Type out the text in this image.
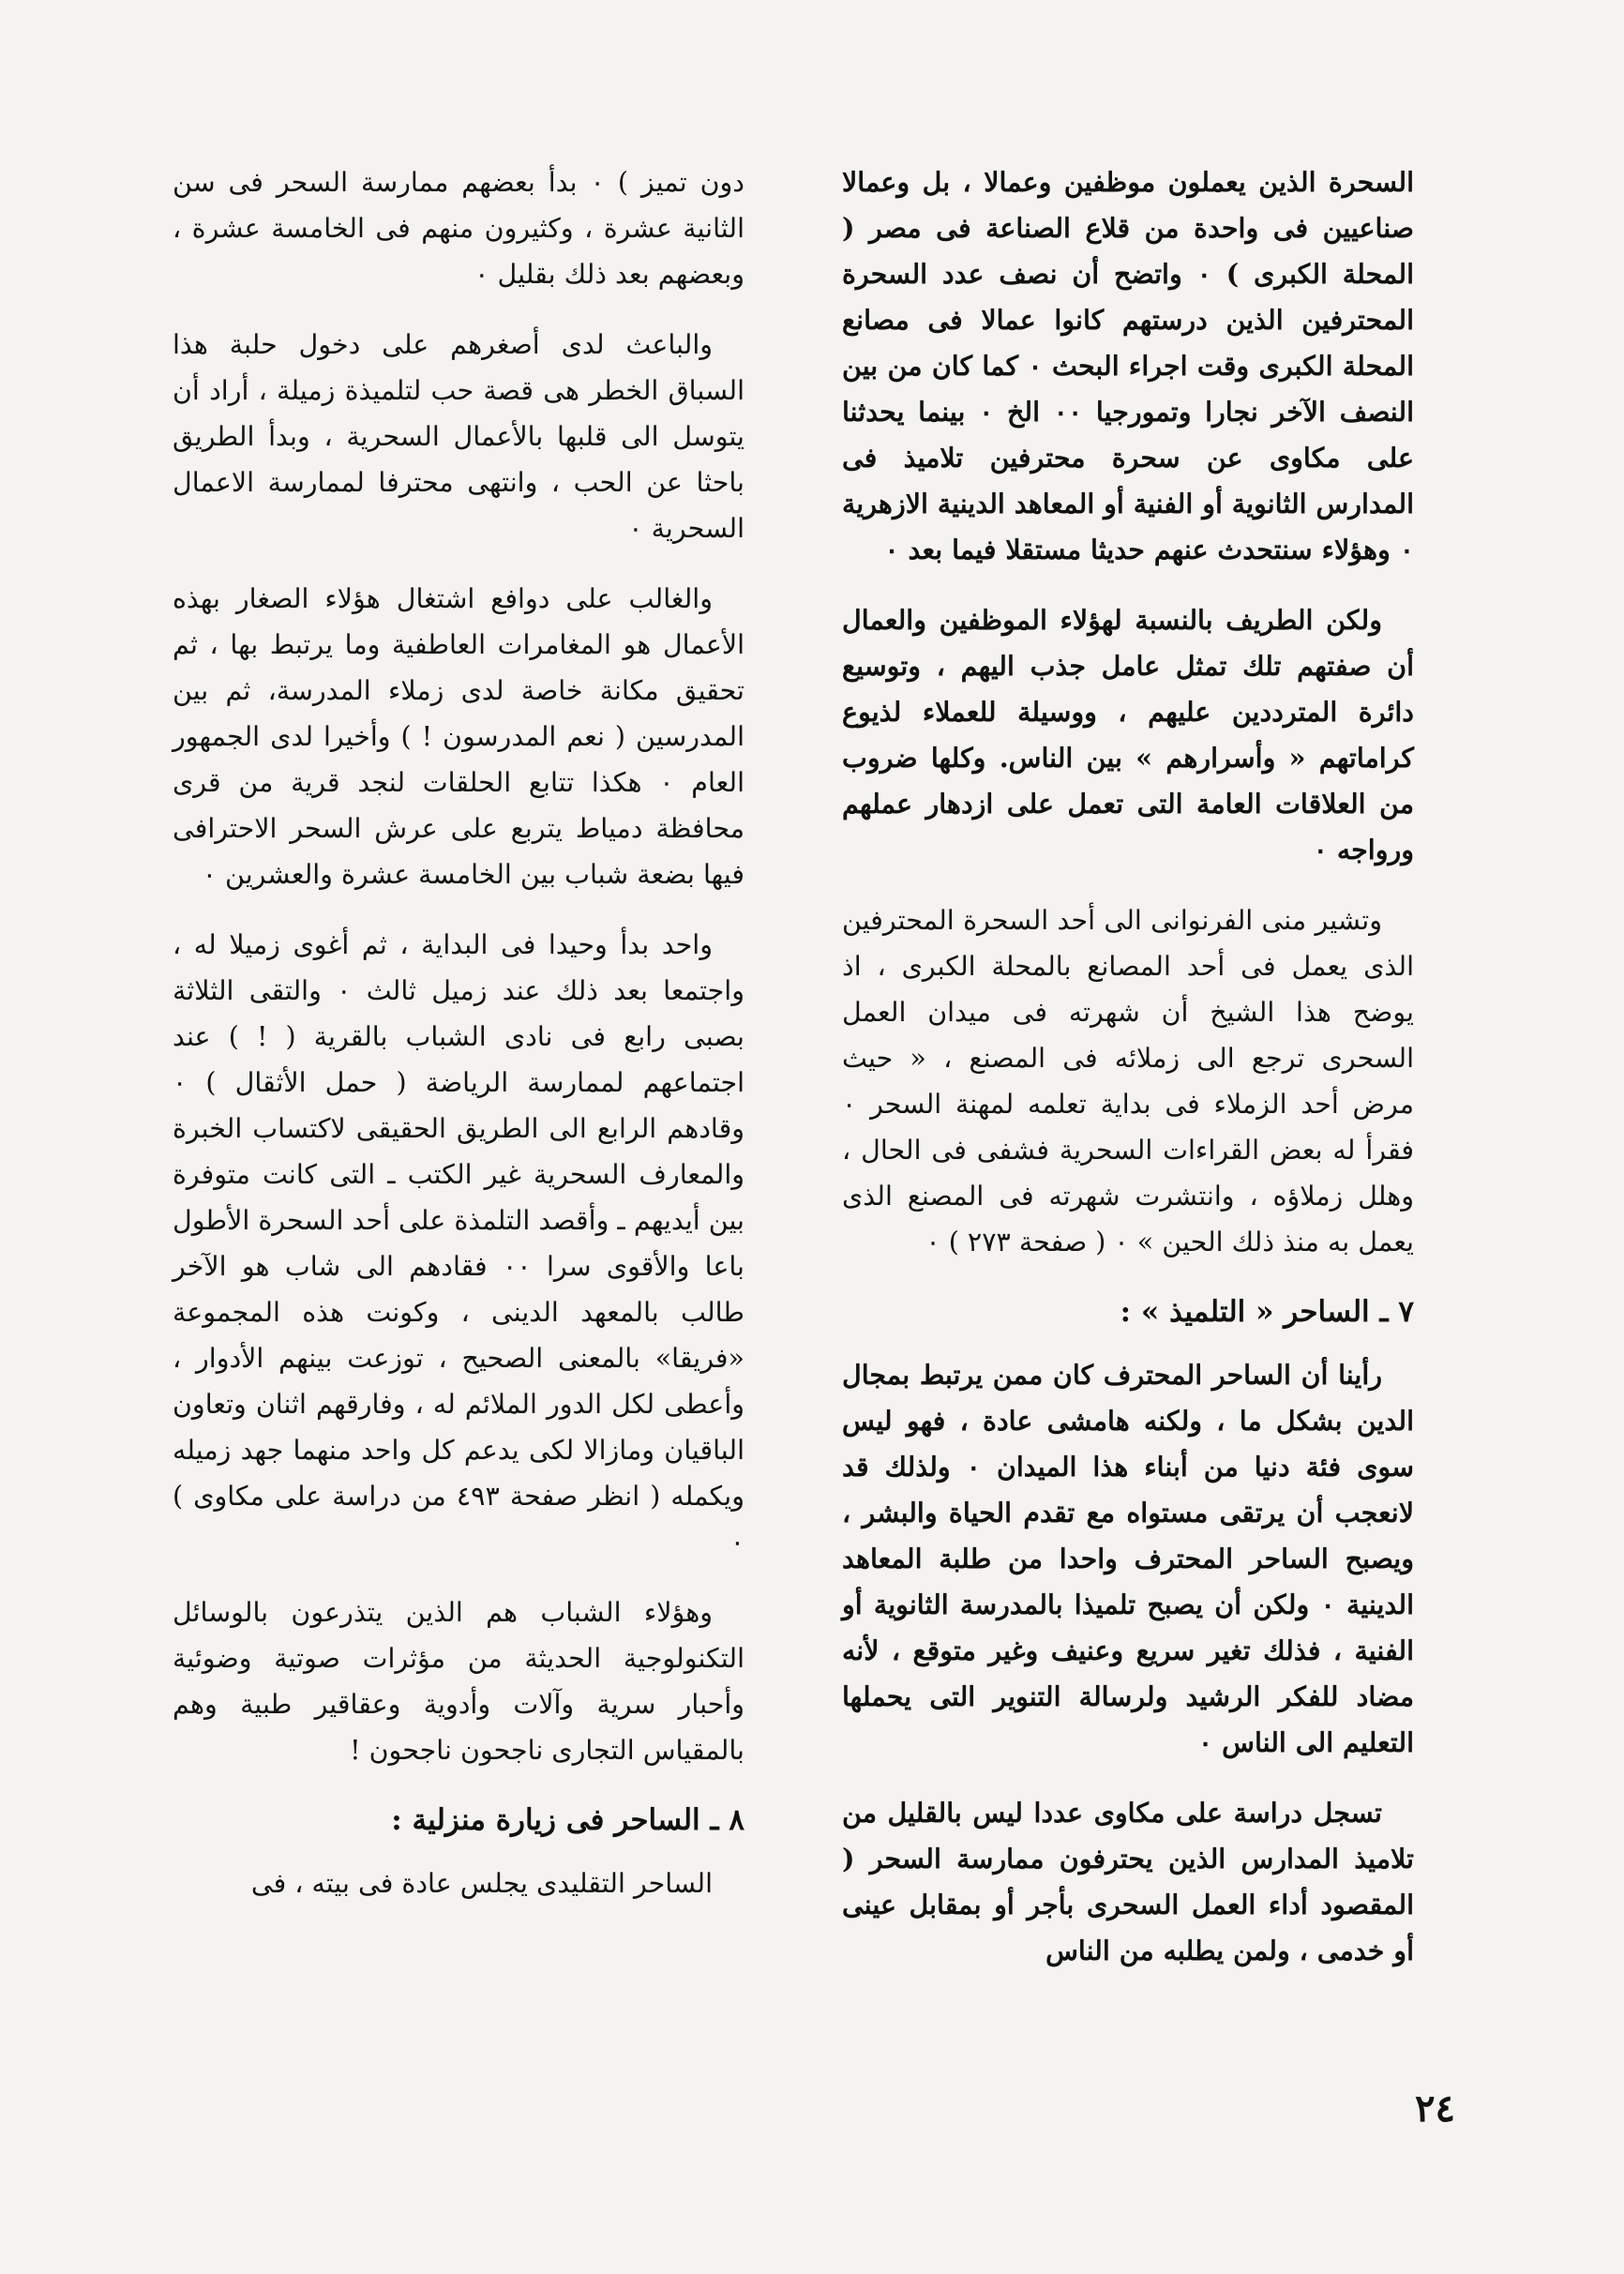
السحرة الذين يعملون موظفين وعمالا ، بل وعمالا صناعيين فى واحدة من قلاع الصناعة فى مصر ( المحلة الكبرى ) ٠ واتضح أن نصف عدد السحرة المحترفين الذين درستهم كانوا عمالا فى مصانع المحلة الكبرى وقت اجراء البحث ٠ كما كان من بين النصف الآخر نجارا وتمورجيا ٠٠ الخ ٠ بينما يحدثنا على مكاوى عن سحرة محترفين تلاميذ فى المدارس الثانوية أو الفنية أو المعاهد الدينية الازهرية ٠ وهؤلاء سنتحدث عنهم حديثا مستقلا فيما بعد ٠

ولكن الطريف بالنسبة لهؤلاء الموظفين والعمال أن صفتهم تلك تمثل عامل جذب اليهم ، وتوسيع دائرة المترددين عليهم ، ووسيلة للعملاء لذيوع كراماتهم « وأسرارهم » بين الناس. وكلها ضروب من العلاقات العامة التى تعمل على ازدهار عملهم ورواجه ٠

وتشير منى الفرنوانى الى أحد السحرة المحترفين الذى يعمل فى أحد المصانع بالمحلة الكبرى ، اذ يوضح هذا الشيخ أن شهرته فى ميدان العمل السحرى ترجع الى زملائه فى المصنع ، « حيث مرض أحد الزملاء فى بداية تعلمه لمهنة السحر ٠ فقرأ له بعض القراءات السحرية فشفى فى الحال ، وهلل زملاؤه ، وانتشرت شهرته فى المصنع الذى يعمل به منذ ذلك الحين » ٠ ( صفحة ٢٧٣ ) ٠

٧ ـ الساحر « التلميذ » :

رأينا أن الساحر المحترف كان ممن يرتبط بمجال الدين بشكل ما ، ولكنه هامشى عادة ، فهو ليس سوى فئة دنيا من أبناء هذا الميدان ٠ ولذلك قد لانعجب أن يرتقى مستواه مع تقدم الحياة والبشر ، ويصبح الساحر المحترف واحدا من طلبة المعاهد الدينية ٠ ولكن أن يصبح تلميذا بالمدرسة الثانوية أو الفنية ، فذلك تغير سريع وعنيف وغير متوقع ، لأنه مضاد للفكر الرشيد ولرسالة التنوير التى يحملها التعليم الى الناس ٠

تسجل دراسة على مكاوى عددا ليس بالقليل من تلاميذ المدارس الذين يحترفون ممارسة السحر ( المقصود أداء العمل السحرى بأجر أو بمقابل عينى أو خدمى ، ولمن يطلبه من الناس

دون تميز ) ٠ بدأ بعضهم ممارسة السحر فى سن الثانية عشرة ، وكثيرون منهم فى الخامسة عشرة ، وبعضهم بعد ذلك بقليل ٠

والباعث لدى أصغرهم على دخول حلبة هذا السباق الخطر هى قصة حب لتلميذة زميلة ، أراد أن يتوسل الى قلبها بالأعمال السحرية ، وبدأ الطريق باحثا عن الحب ، وانتهى محترفا لممارسة الاعمال السحرية ٠

والغالب على دوافع اشتغال هؤلاء الصغار بهذه الأعمال هو المغامرات العاطفية وما يرتبط بها ، ثم تحقيق مكانة خاصة لدى زملاء المدرسة، ثم بين المدرسين ( نعم المدرسون ! ) وأخيرا لدى الجمهور العام ٠ هكذا تتابع الحلقات لنجد قرية من قرى محافظة دمياط يتربع على عرش السحر الاحترافى فيها بضعة شباب بين الخامسة عشرة والعشرين ٠

واحد بدأ وحيدا فى البداية ، ثم أغوى زميلا له ، واجتمعا بعد ذلك عند زميل ثالث ٠ والتقى الثلاثة بصبى رابع فى نادى الشباب بالقرية ( ! ) عند اجتماعهم لممارسة الرياضة ( حمل الأثقال ) ٠ وقادهم الرابع الى الطريق الحقيقى لاكتساب الخبرة والمعارف السحرية غير الكتب ـ التى كانت متوفرة بين أيديهم ـ وأقصد التلمذة على أحد السحرة الأطول باعا والأقوى سرا ٠٠ فقادهم الى شاب هو الآخر طالب بالمعهد الدينى ، وكونت هذه المجموعة «فريقا» بالمعنى الصحيح ، توزعت بينهم الأدوار ، وأعطى لكل الدور الملائم له ، وفارقهم اثنان وتعاون الباقيان ومازالا لكى يدعم كل واحد منهما جهد زميله ويكمله ( انظر صفحة ٤٩٣ من دراسة على مكاوى ) ٠

وهؤلاء الشباب هم الذين يتذرعون بالوسائل التكنولوجية الحديثة من مؤثرات صوتية وضوئية وأحبار سرية وآلات وأدوية وعقاقير طبية وهم بالمقياس التجارى ناجحون ناجحون !

٨ ـ الساحر فى زيارة منزلية :

الساحر التقليدى يجلس عادة فى بيته ، فى

٢٤
